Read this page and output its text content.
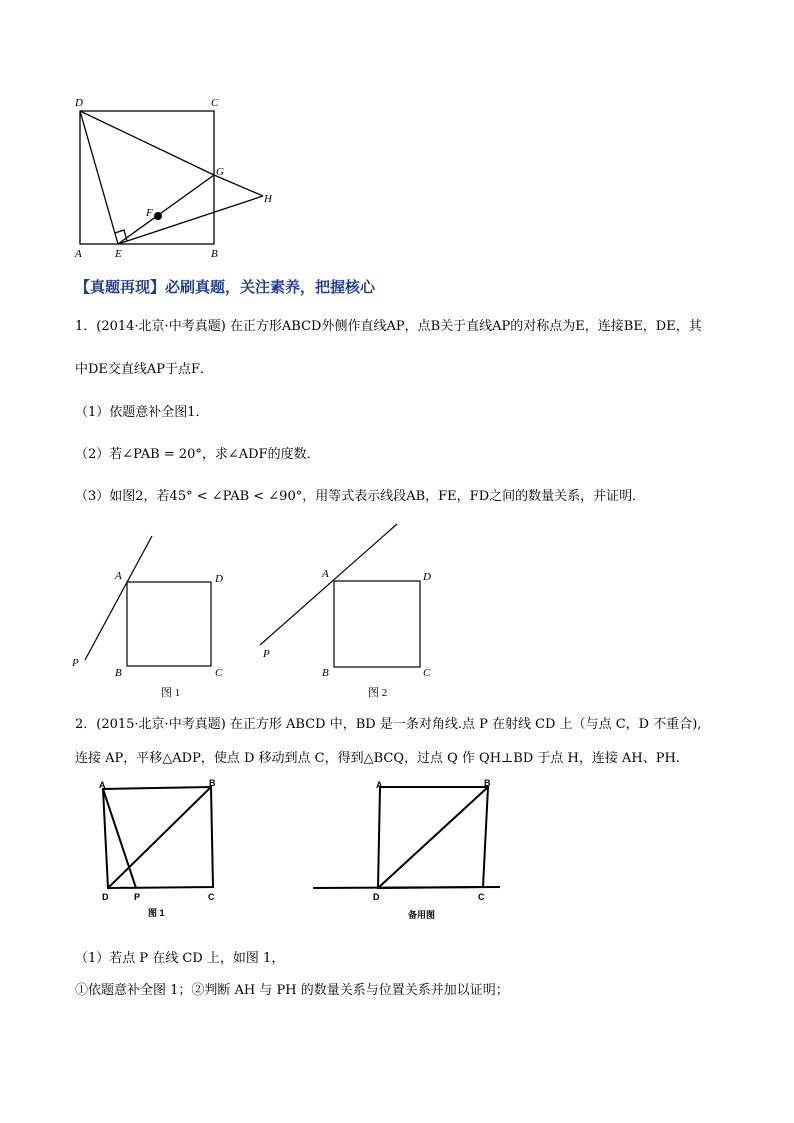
D	C
G
F
H
A	E	B
【真题再现】必刷真题，关注素养，把握核心
1．(2014·北京·中考真题) 在正方形ABCD外侧作直线AP，点B关于直线AP的对称点为E，连接BE，DE，其
中DE交直线AP于点F．
（1）依题意补全图1．
（2）若∠PAB = 20°，求∠ADF的度数．
（3）如图2，若45° < ∠PAB < ∠90°，用等式表示线段AB，FE，FD之间的数量关系，并证明．
A	D
B	C
P
图 1
A	D
B	C
P
图 2
2．(2015·北京·中考真题) 在正方形 ABCD 中，BD 是一条对角线.点 P 在射线 CD 上（与点 C，D 不重合),
连接 AP，平移△ADP，使点 D 移动到点 C，得到△BCQ，过点 Q 作 QH⊥BD 于点 H，连接 AH、PH.
A	B
D	P	C
图 1
A	B
D	C
备用图
（1）若点 P 在线 CD 上，如图 1，
①依题意补全图 1；②判断 AH 与 PH 的数量关系与位置关系并加以证明；
